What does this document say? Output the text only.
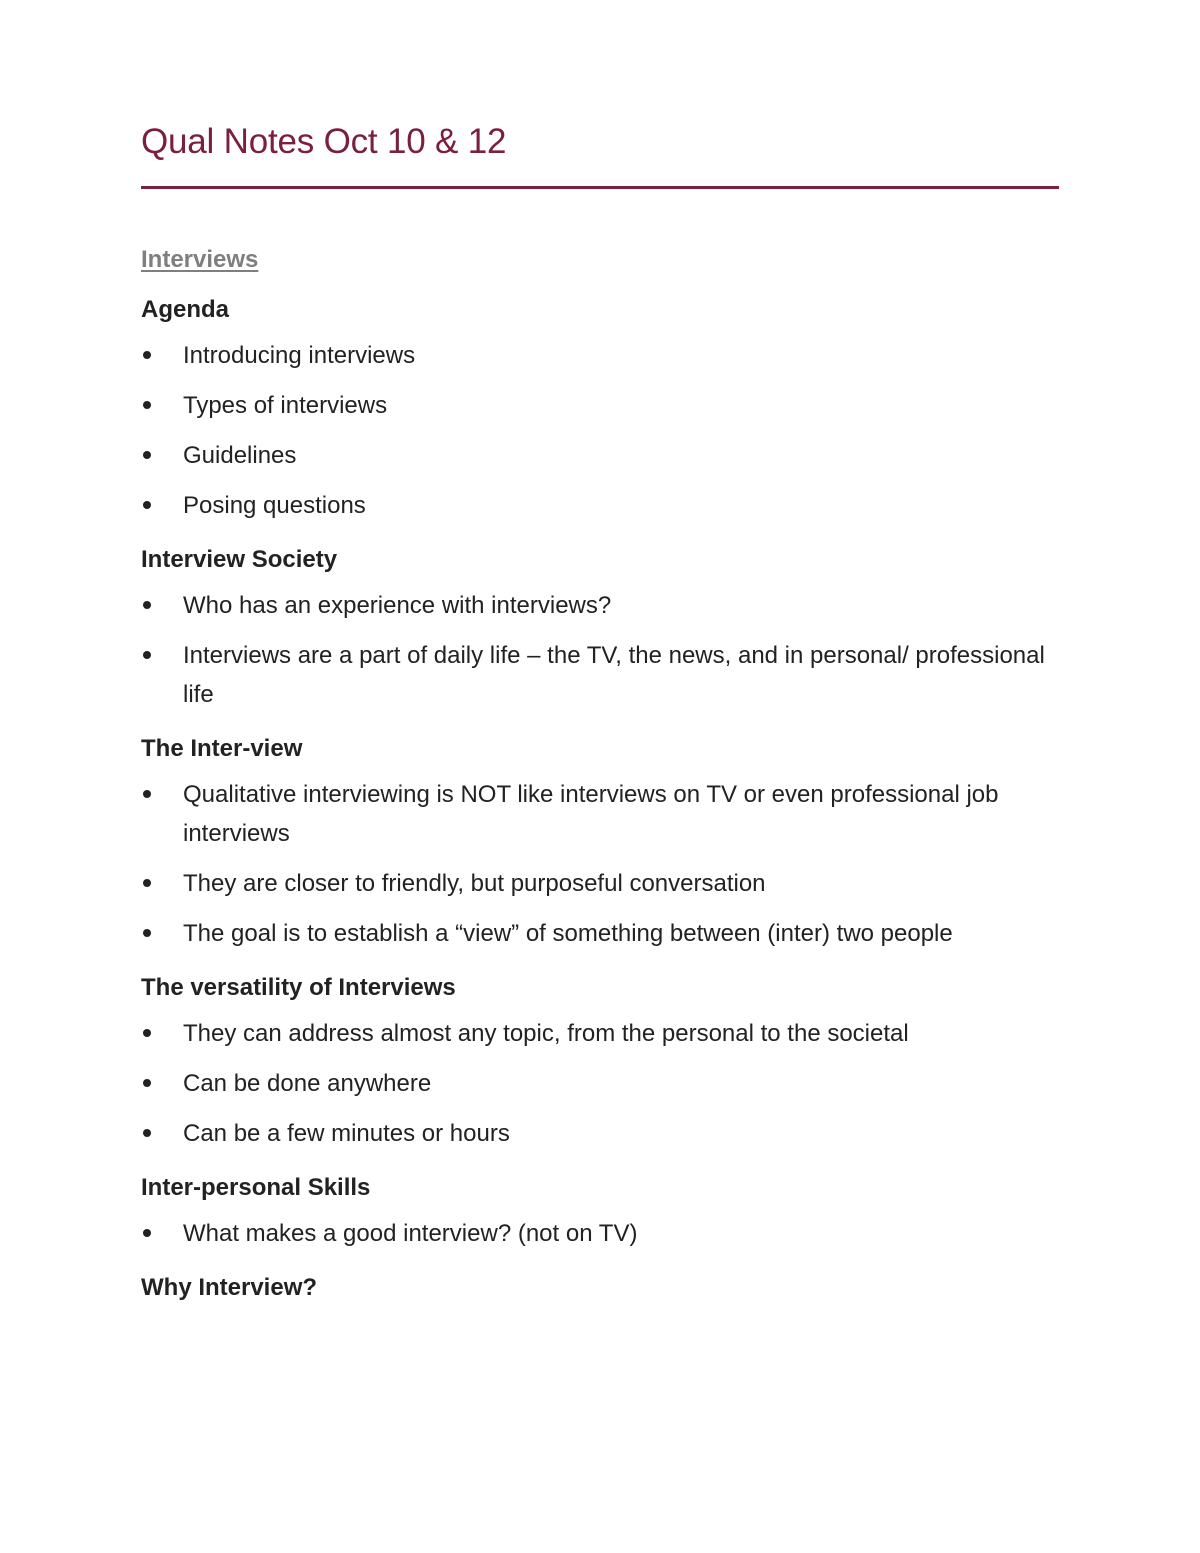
Qual Notes Oct 10 & 12
Interviews
Agenda
Introducing interviews
Types of interviews
Guidelines
Posing questions
Interview Society
Who has an experience with interviews?
Interviews are a part of daily life – the TV, the news, and in personal/ professional life
The Inter-view
Qualitative interviewing is NOT like interviews on TV or even professional job interviews
They are closer to friendly, but purposeful conversation
The goal is to establish a “view” of something between (inter) two people
The versatility of Interviews
They can address almost any topic, from the personal to the societal
Can be done anywhere
Can be a few minutes or hours
Inter-personal Skills
What makes a good interview? (not on TV)
Why Interview?
